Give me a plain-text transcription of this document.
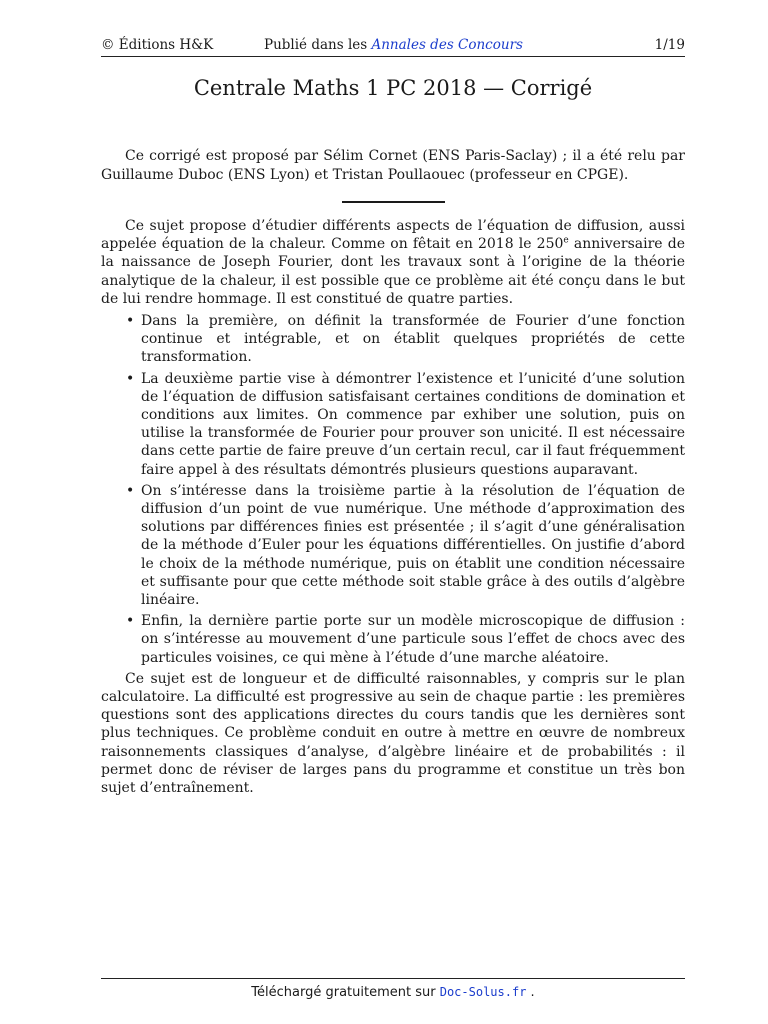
© Éditions H&K	Publié dans les Annales des Concours	1/19
Centrale Maths 1 PC 2018 — Corrigé

Ce corrigé est proposé par Sélim Cornet (ENS Paris-Saclay) ; il a été relu par Guillaume Duboc (ENS Lyon) et Tristan Poullaouec (professeur en CPGE).

Ce sujet propose d’étudier différents aspects de l’équation de diffusion, aussi appelée équation de la chaleur. Comme on fêtait en 2018 le 250e anniversaire de la naissance de Joseph Fourier, dont les travaux sont à l’origine de la théorie analytique de la chaleur, il est possible que ce problème ait été conçu dans le but de lui rendre hommage. Il est constitué de quatre parties.

• Dans la première, on définit la transformée de Fourier d’une fonction continue et intégrable, et on établit quelques propriétés de cette transformation.
• La deuxième partie vise à démontrer l’existence et l’unicité d’une solution de l’équation de diffusion satisfaisant certaines conditions de domination et conditions aux limites. On commence par exhiber une solution, puis on utilise la transformée de Fourier pour prouver son unicité. Il est nécessaire dans cette partie de faire preuve d’un certain recul, car il faut fréquemment faire appel à des résultats démontrés plusieurs questions auparavant.
• On s’intéresse dans la troisième partie à la résolution de l’équation de diffusion d’un point de vue numérique. Une méthode d’approximation des solutions par différences finies est présentée ; il s’agit d’une généralisation de la méthode d’Euler pour les équations différentielles. On justifie d’abord le choix de la méthode numérique, puis on établit une condition nécessaire et suffisante pour que cette méthode soit stable grâce à des outils d’algèbre linéaire.
• Enfin, la dernière partie porte sur un modèle microscopique de diffusion : on s’intéresse au mouvement d’une particule sous l’effet de chocs avec des particules voisines, ce qui mène à l’étude d’une marche aléatoire.

Ce sujet est de longueur et de difficulté raisonnables, y compris sur le plan calculatoire. La difficulté est progressive au sein de chaque partie : les premières questions sont des applications directes du cours tandis que les dernières sont plus techniques. Ce problème conduit en outre à mettre en œuvre de nombreux raisonnements classiques d’analyse, d’algèbre linéaire et de probabilités : il permet donc de réviser de larges pans du programme et constitue un très bon sujet d’entraînement.

Téléchargé gratuitement sur Doc-Solus.fr .
